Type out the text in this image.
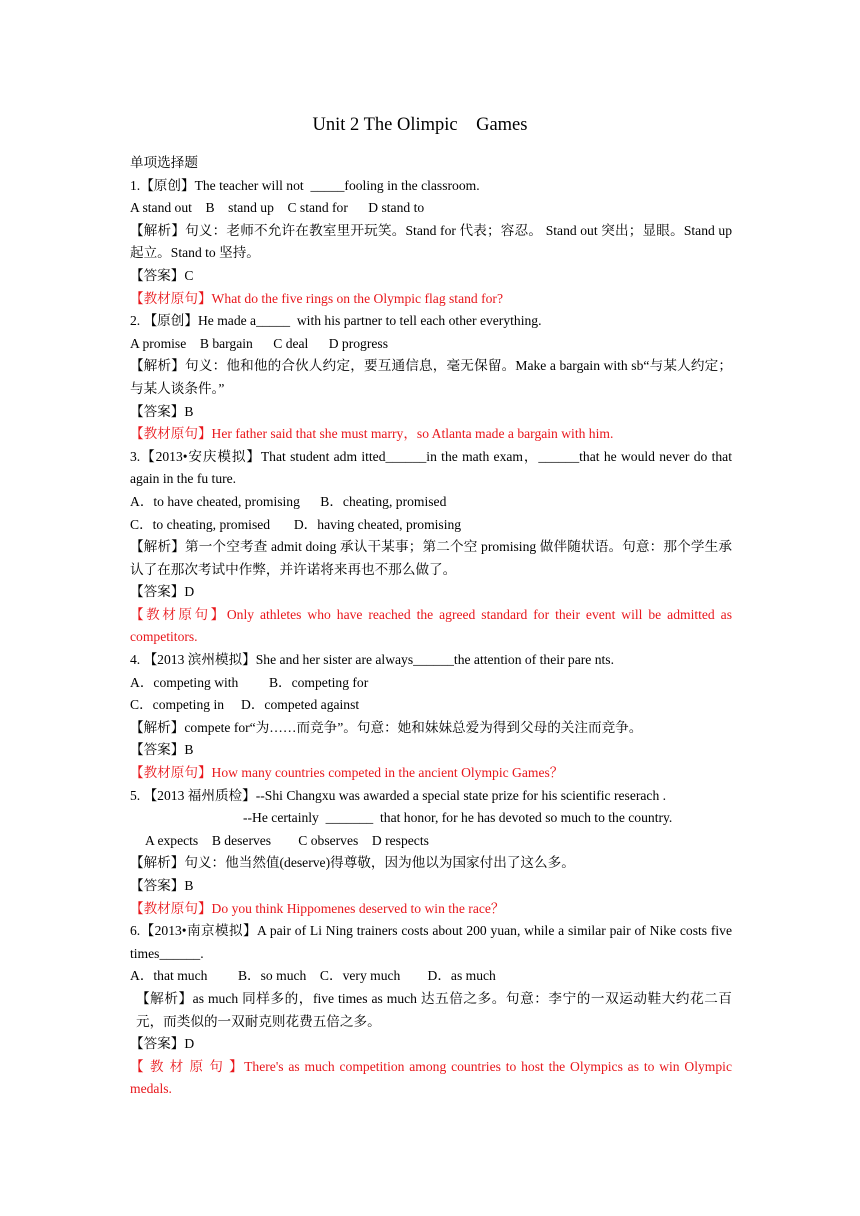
Unit 2 The Olimpic    Games
单项选择题
1.【原创】The teacher will not  _____fooling in the classroom.
A stand out    B    stand up    C stand for      D stand to
【解析】句义：老师不允许在教室里开玩笑。Stand for 代表；容忍。 Stand out 突出；显眼。Stand up 起立。Stand to 坚持。
【答案】C
【教材原句】What do the five rings on the Olympic flag stand for?
2. 【原创】He made a_____  with his partner to tell each other everything.
A promise    B bargain      C deal      D progress
【解析】句义：他和他的合伙人约定，要互通信息，毫无保留。Make a bargain with sb“与某人约定；与某人谈条件。”
【答案】B
【教材原句】Her father said that she must marry，so Atlanta made a bargain with him.
3.【2013•安庆模拟】That student adm itted______in the math exam，______that he would never do that again in the fu ture.
A．to have cheated, promising      B．cheating, promised
C．to cheating, promised       D．having cheated, promising
【解析】第一个空考查 admit doing 承认干某事；第二个空 promising 做伴随状语。句意：那个学生承认了在那次考试中作弊，并许诺将来再也不那么做了。
【答案】D
【教材原句】Only athletes who have reached the agreed standard for their event will be admitted as competitors.
4. 【2013 滨州模拟】She and her sister are always______the attention of their pare nts.
A．competing with         B．competing for
C．competing in     D．competed against
【解析】compete for“为……而竞争”。句意：她和妹妹总爱为得到父母的关注而竞争。
【答案】B
【教材原句】How many countries competed in the ancient Olympic Games？
5. 【2013 福州质检】--Shi Changxu was awarded a special state prize for his scientific reserach .
--He certainly  _______  that honor, for he has devoted so much to the country.
A expects    B deserves        C observes    D respects
【解析】句义：他当然值(deserve)得尊敬，因为他以为国家付出了这么多。
【答案】B
【教材原句】Do you think Hippomenes deserved to win the race？
6.【2013•南京模拟】A pair of Li Ning trainers costs about 200 yuan, while a similar pair of Nike costs five times______.
A．that much         B．so much    C．very much        D．as much
【解析】as much 同样多的，five times as much 达五倍之多。句意：李宁的一双运动鞋大约花二百元，而类似的一双耐克则花费五倍之多。
【答案】D
【 教 材 原 句 】There's as much competition among countries to host the Olympics as to win Olympic medals.
